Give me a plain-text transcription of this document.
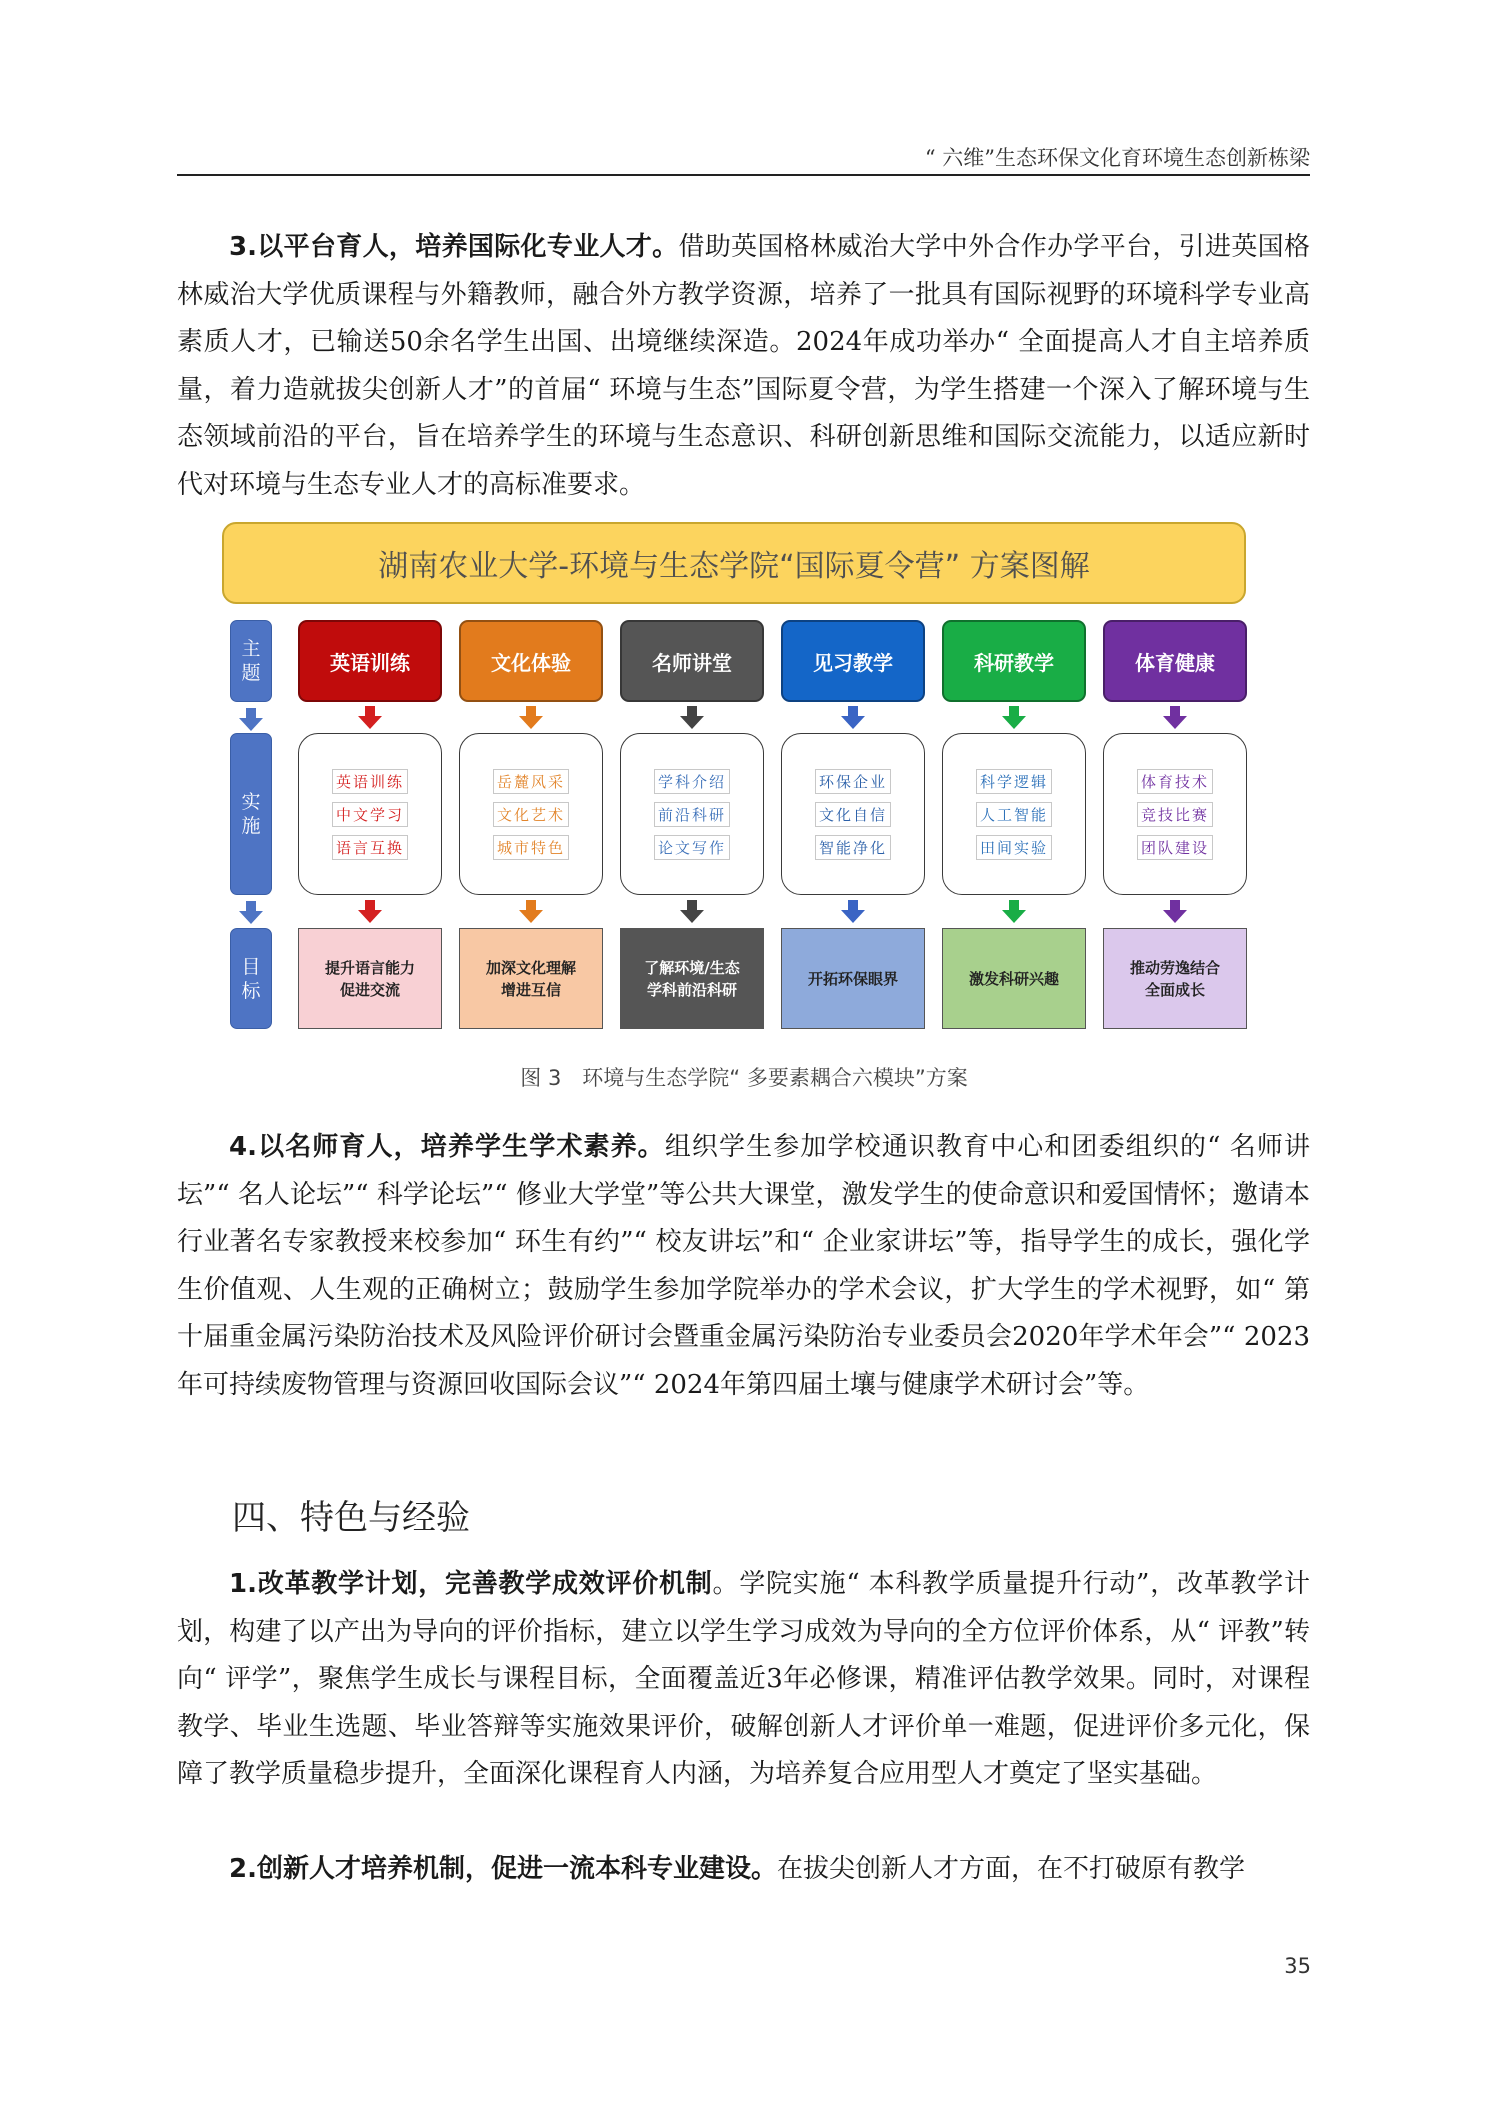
“ 六维”生态环保文化育环境生态创新栋梁

3.以平台育人，培养国际化专业人才。借助英国格林威治大学中外合作办学平台，引进英国格林威治大学优质课程与外籍教师，融合外方教学资源，培养了一批具有国际视野的环境科学专业高素质人才，已输送50余名学生出国、出境继续深造。2024年成功举办“ 全面提高人才自主培养质量，着力造就拔尖创新人才”的首届“ 环境与生态”国际夏令营，为学生搭建一个深入了解环境与生态领域前沿的平台，旨在培养学生的环境与生态意识、科研创新思维和国际交流能力，以适应新时代对环境与生态专业人才的高标准要求。

湖南农业大学-环境与生态学院“国际夏令营” 方案图解
主
题
实
施
目
标
英语训练
英语训练
中文学习
语言互换
提升语言能力
促进交流
文化体验
岳麓风采
文化艺术
城市特色
加深文化理解
增进互信
名师讲堂
学科介绍
前沿科研
论文写作
了解环境/生态
学科前沿科研
见习教学
环保企业
文化自信
智能净化
开拓环保眼界
科研教学
科学逻辑
人工智能
田间实验
激发科研兴趣
体育健康
体育技术
竞技比赛
团队建设
推动劳逸结合
全面成长
图 3　环境与生态学院“ 多要素耦合六模块”方案

4.以名师育人，培养学生学术素养。组织学生参加学校通识教育中心和团委组织的“ 名师讲坛”“ 名人论坛”“ 科学论坛”“ 修业大学堂”等公共大课堂，激发学生的使命意识和爱国情怀；邀请本行业著名专家教授来校参加“ 环生有约”“ 校友讲坛”和“ 企业家讲坛”等，指导学生的成长，强化学生价值观、人生观的正确树立；鼓励学生参加学院举办的学术会议，扩大学生的学术视野，如“ 第十届重金属污染防治技术及风险评价研讨会暨重金属污染防治专业委员会2020年学术年会”“ 2023年可持续废物管理与资源回收国际会议”“ 2024年第四届土壤与健康学术研讨会”等。

四、特色与经验

1.改革教学计划，完善教学成效评价机制。学院实施“ 本科教学质量提升行动”，改革教学计划，构建了以产出为导向的评价指标，建立以学生学习成效为导向的全方位评价体系，从“ 评教”转向“ 评学”，聚焦学生成长与课程目标，全面覆盖近3年必修课，精准评估教学效果。同时，对课程教学、毕业生选题、毕业答辩等实施效果评价，破解创新人才评价单一难题，促进评价多元化，保障了教学质量稳步提升，全面深化课程育人内涵，为培养复合应用型人才奠定了坚实基础。

2.创新人才培养机制，促进一流本科专业建设。在拔尖创新人才方面，在不打破原有教学

35
